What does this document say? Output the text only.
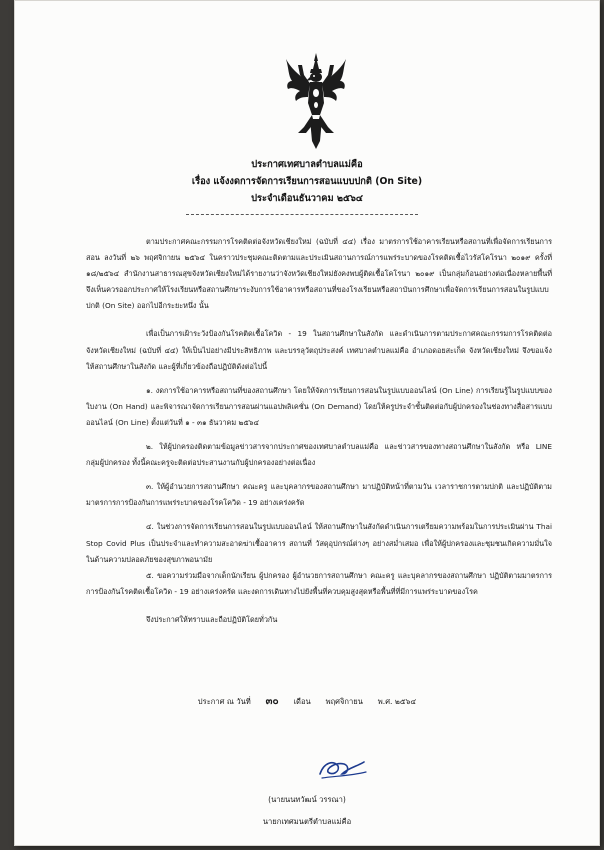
ประกาศเทศบาลตำบลแม่คือ
เรื่อง แจ้งงดการจัดการเรียนการสอนแบบปกติ (On Site)
ประจำเดือนธันวาคม ๒๕๖๔

ตามประกาศคณะกรรมการโรคติดต่อจังหวัดเชียงใหม่ (ฉบับที่ ๔๔) เรื่อง มาตรการใช้อาคารเรียนหรือสถานที่เพื่อจัดการเรียนการสอน ลงวันที่ ๒๖ พฤศจิกายน ๒๕๖๔ ในคราวประชุมคณะติดตามและประเมินสถานการณ์การแพร่ระบาดของโรคติดเชื้อไวรัสโคโรนา ๒๐๑๙ ครั้งที่ ๑๘/๒๕๖๔ สำนักงานสาธารณสุขจังหวัดเชียงใหม่ได้รายงานว่าจังหวัดเชียงใหม่ยังคงพบผู้ติดเชื้อโคโรนา ๒๐๑๙ เป็นกลุ่มก้อนอย่างต่อเนื่องหลายพื้นที่ จึงเห็นควรออกประกาศให้โรงเรียนหรือสถานศึกษาระงับการใช้อาคารหรือสถานที่ของโรงเรียนหรือสถาบันการศึกษาเพื่อจัดการเรียนการสอนในรูปแบบปกติ (On Site) ออกไปอีกระยะหนึ่ง นั้น

เพื่อเป็นการเฝ้าระวังป้องกันโรคติดเชื้อโควิด - 19 ในสถานศึกษาในสังกัด และดำเนินการตามประกาศคณะกรรมการโรคติดต่อจังหวัดเชียงใหม่ (ฉบับที่ ๔๔) ให้เป็นไปอย่างมีประสิทธิภาพ และบรรลุวัตถุประสงค์ เทศบาลตำบลแม่คือ อำเภอดอยสะเก็ด จังหวัดเชียงใหม่ จึงขอแจ้งให้สถานศึกษาในสังกัด และผู้ที่เกี่ยวข้องถือปฏิบัติดังต่อไปนี้

๑. งดการใช้อาคารหรือสถานที่ของสถานศึกษา โดยให้จัดการเรียนการสอนในรูปแบบออนไลน์ (On Line) การเรียนรู้ในรูปแบบของใบงาน (On Hand) และพิจารณาจัดการเรียนการสอนผ่านแอปพลิเคชั่น (On Demand) โดยให้ครูประจำชั้นติดต่อกับผู้ปกครองในช่องทางสื่อสารแบบออนไลน์ (On Line) ตั้งแต่วันที่ ๑ - ๓๑ ธันวาคม ๒๕๖๔

๒. ให้ผู้ปกครองติดตามข้อมูลข่าวสารจากประกาศของเทศบาลตำบลแม่คือ และข่าวสารของทางสถานศึกษาในสังกัด หรือ LINE กลุ่มผู้ปกครอง ทั้งนี้คณะครูจะติดต่อประสานงานกับผู้ปกครองอย่างต่อเนื่อง

๓. ให้ผู้อำนวยการสถานศึกษา คณะครู และบุคลากรของสถานศึกษา มาปฏิบัติหน้าที่ตามวัน เวลาราชการตามปกติ และปฏิบัติตามมาตรการการป้องกันการแพร่ระบาดของโรคโควิด - 19 อย่างเคร่งครัด

๔. ในช่วงการจัดการเรียนการสอนในรูปแบบออนไลน์ ให้สถานศึกษาในสังกัดดำเนินการเตรียมความพร้อมในการประเมินผ่าน Thai Stop Covid Plus เป็นประจำและทำความสะอาดฆ่าเชื้ออาคาร สถานที่ วัสดุอุปกรณ์ต่างๆ อย่างสม่ำเสมอ เพื่อให้ผู้ปกครองและชุมชนเกิดความมั่นใจ ในด้านความปลอดภัยของสุขภาพอนามัย

๕. ขอความร่วมมือจากเด็กนักเรียน ผู้ปกครอง ผู้อำนวยการสถานศึกษา คณะครู และบุคลากรของสถานศึกษา ปฏิบัติตามมาตรการการป้องกันโรคติดเชื้อโควิด - 19 อย่างเคร่งครัด และงดการเดินทางไปยังพื้นที่ควบคุมสูงสุดหรือพื้นที่ที่มีการแพร่ระบาดของโรค

จึงประกาศให้ทราบและถือปฏิบัติโดยทั่วกัน

ประกาศ ณ วันที่ ๓๐ เดือน พฤศจิกายน พ.ศ. ๒๕๖๔
(นายนนทวัฒน์ วรรณา)
นายกเทศมนตรีตำบลแม่คือ
